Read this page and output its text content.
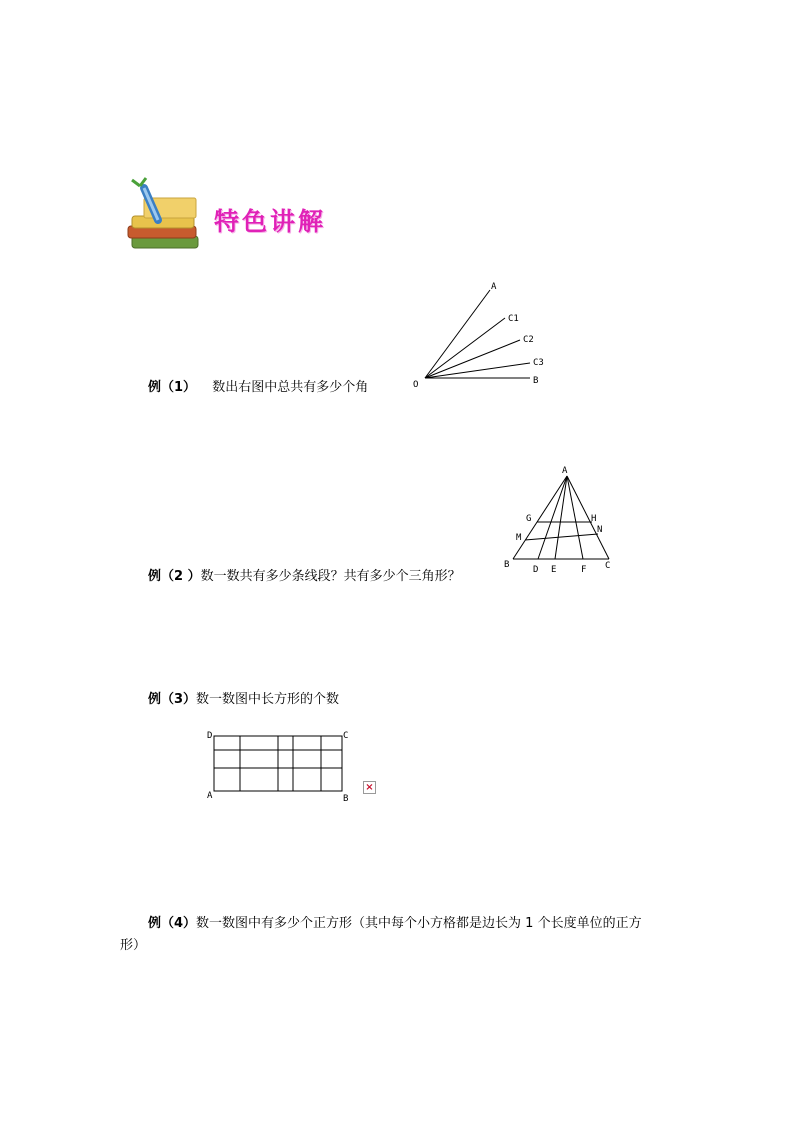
特色讲解
例（1） 数出右图中总共有多少个角
A
C1
C2
C3
B
O
例（2 ）数一数共有多少条线段？共有多少个三角形？
A
G	H
N
M
B	D E	F C
例（3）数一数图中长方形的个数
D	C
A	B
×
例（4）数一数图中有多少个正方形（其中每个小方格都是边长为 1 个长度单位的正方
形）
